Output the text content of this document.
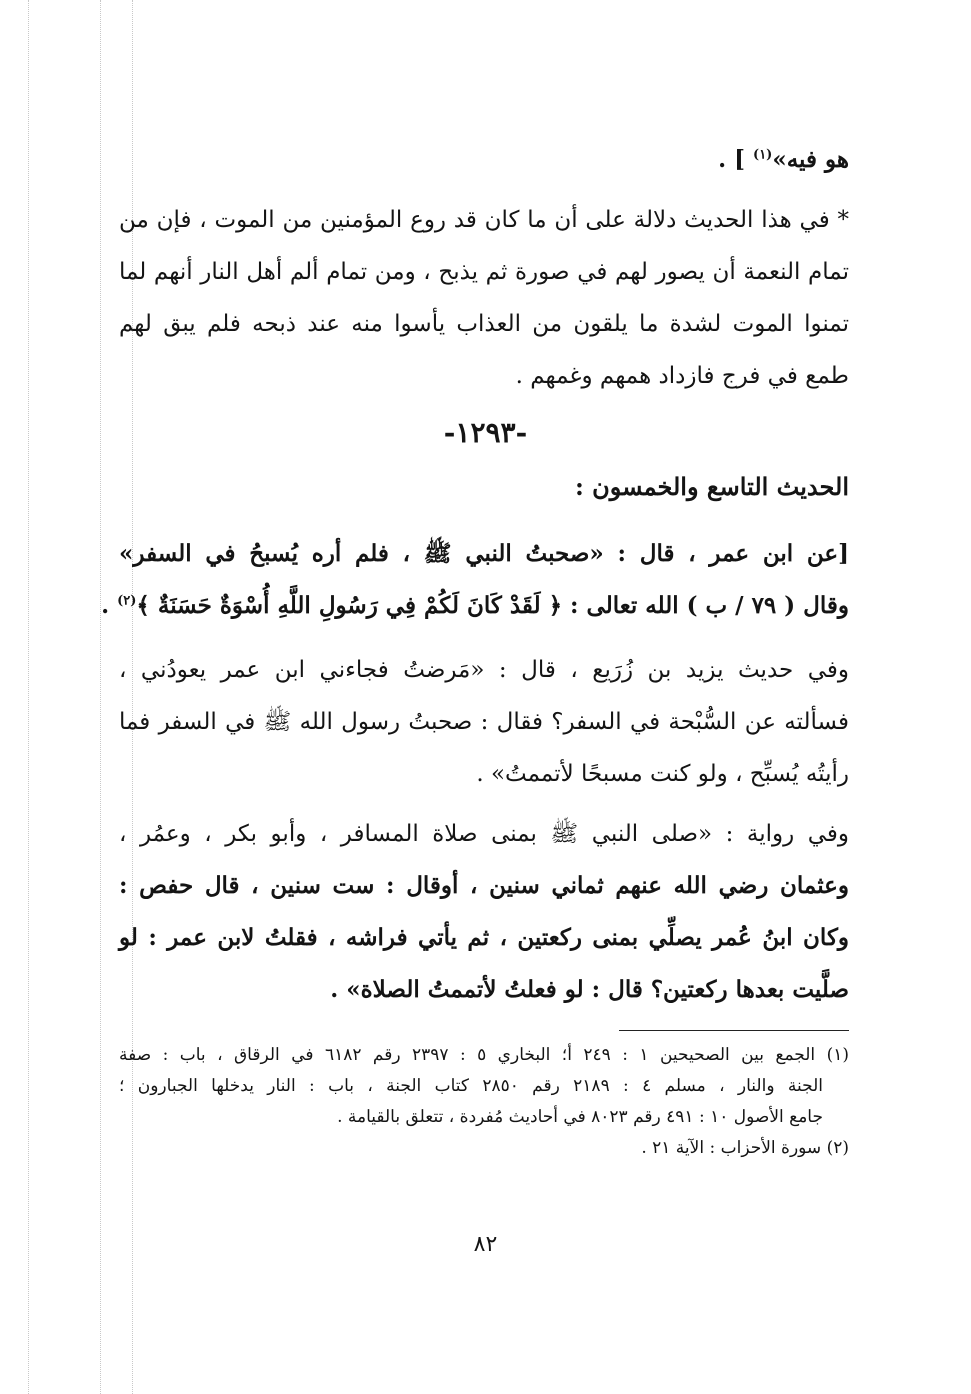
هو فيه»$^{(١)}$ ] .
* في هذا الحديث دلالة على أن ما كان قد روع المؤمنين من الموت ، فإن من
تمام النعمة أن يصور لهم في صورة ثم يذبح ، ومن تمام ألم أهل النار أنهم لما
تمنوا الموت لشدة ما يلقون من العذاب يأسوا منه عند ذبحه فلم يبق لهم
طمع في فرج فازداد همهم وغمهم .
-١٢٩٣-
الحديث التاسع والخمسون :
[عن ابن عمر ، قال : «صحبتُ النبي ﷺ ، فلم أره يُسبحُ في السفر»
وقال ( ٧٩ / ب ) الله تعالى : ﴿ لَقَدْ كَانَ لَكُمْ فِي رَسُولِ اللَّهِ أُسْوَةٌ حَسَنَةٌ ﴾$^{(٢)}$ .
وفي حديث يزيد بن زُرَيع ، قال : «مَرضتُ فجاءني ابن عمر يعودُني ،
فسألته عن السُّبْحة في السفر؟ فقال : صحبتُ رسول الله ﷺ في السفر فما
رأيتُه يُسبِّح ، ولو كنت مسبحًا لأتممتُ» .
وفي رواية : «صلى النبي ﷺ بمنى صلاة المسافر ، وأبو بكر ، وعمُر ،
وعثمان رضي الله عنهم ثماني سنين ، أوقال : ست سنين ، قال حفص :
وكان ابنُ عُمر يصلِّي بمنى ركعتين ، ثم يأتي فراشه ، فقلتُ لابن عمر : لو
صلَّيت بعدها ركعتين؟ قال : لو فعلتُ لأتممتُ الصلاة» .
(١) الجمع بين الصحيحين ١ : ٢٤٩ أ؛ البخاري ٥ : ٢٣٩٧ رقم ٦١٨٢ في الرقاق ، باب : صفة
الجنة والنار ، مسلم ٤ : ٢١٨٩ رقم ٢٨٥٠ كتاب الجنة ، باب : النار يدخلها الجبارون ؛
جامع الأصول ١٠ : ٤٩١ رقم ٨٠٢٣ في أحاديث مُفردة ، تتعلق بالقيامة .
(٢) سورة الأحزاب : الآية ٢١ .
٨٢
